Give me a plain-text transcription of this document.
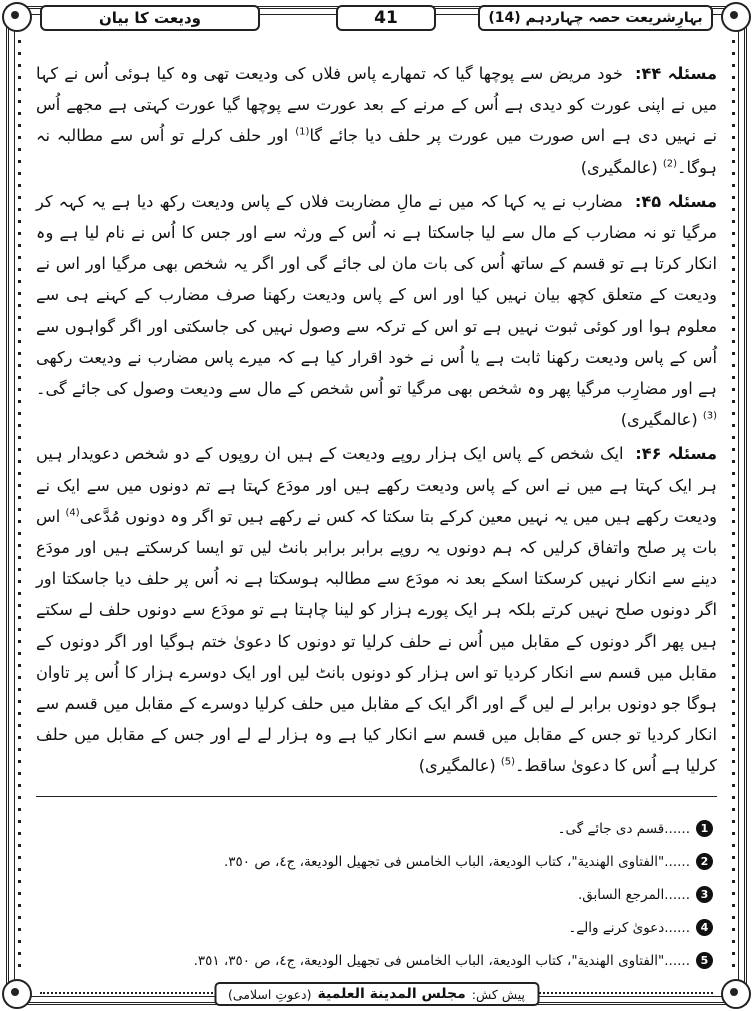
بہارِشریعت حصہ چہاردہم (14)
41
ودیعت کا بیان

مسئلہ ۴۴: خود مریض سے پوچھا گیا کہ تمھارے پاس فلاں کی ودیعت تھی وہ کیا ہوئی اُس نے کہا میں نے اپنی عورت کو دیدی ہے اُس کے مرنے کے بعد عورت سے پوچھا گیا عورت کہتی ہے مجھے اُس نے نہیں دی ہے اس صورت میں عورت پر حلف دیا جائے گا$^{(1)}$ اور حلف کرلے تو اُس سے مطالبہ نہ ہوگا۔$^{(2)}$ (عالمگیری)

مسئلہ ۴۵: مضارب نے یہ کہا کہ میں نے مالِ مضاربت فلاں کے پاس ودیعت رکھ دیا ہے یہ کہہ کر مرگیا تو نہ مضارب کے مال سے لیا جاسکتا ہے نہ اُس کے ورثہ سے اور جس کا اُس نے نام لیا ہے وہ انکار کرتا ہے تو قسم کے ساتھ اُس کی بات مان لی جائے گی اور اگر یہ شخص بھی مرگیا اور اس نے ودیعت کے متعلق کچھ بیان نہیں کیا اور اس کے پاس ودیعت رکھنا صرف مضارب کے کہنے ہی سے معلوم ہوا اور کوئی ثبوت نہیں ہے تو اس کے ترکہ سے وصول نہیں کی جاسکتی اور اگر گواہوں سے اُس کے پاس ودیعت رکھنا ثابت ہے یا اُس نے خود اقرار کیا ہے کہ میرے پاس مضارب نے ودیعت رکھی ہے اور مضارِب مرگیا پھر وہ شخص بھی مرگیا تو اُس شخص کے مال سے ودیعت وصول کی جائے گی۔$^{(3)}$ (عالمگیری)

مسئلہ ۴۶: ایک شخص کے پاس ایک ہزار روپے ودیعت کے ہیں ان روپوں کے دو شخص دعویدار ہیں ہر ایک کہتا ہے میں نے اس کے پاس ودیعت رکھے ہیں اور مودَع کہتا ہے تم دونوں میں سے ایک نے ودیعت رکھے ہیں میں یہ نہیں معین کرکے بتا سکتا کہ کس نے رکھے ہیں تو اگر وہ دونوں مُدَّعی$^{(4)}$ اس بات پر صلح واتفاق کرلیں کہ ہم دونوں یہ روپے برابر برابر بانٹ لیں تو ایسا کرسکتے ہیں اور مودَع دینے سے انکار نہیں کرسکتا اسکے بعد نہ مودَع سے مطالبہ ہوسکتا ہے نہ اُس پر حلف دیا جاسکتا اور اگر دونوں صلح نہیں کرتے بلکہ ہر ایک پورے ہزار کو لینا چاہتا ہے تو مودَع سے دونوں حلف لے سکتے ہیں پھر اگر دونوں کے مقابل میں اُس نے حلف کرلیا تو دونوں کا دعویٰ ختم ہوگیا اور اگر دونوں کے مقابل میں قسم سے انکار کردیا تو اس ہزار کو دونوں بانٹ لیں اور ایک دوسرے ہزار کا اُس پر تاوان ہوگا جو دونوں برابر لے لیں گے اور اگر ایک کے مقابل میں حلف کرلیا دوسرے کے مقابل میں قسم سے انکار کردیا تو جس کے مقابل میں قسم سے انکار کیا ہے وہ ہزار لے لے اور جس کے مقابل میں حلف کرلیا ہے اُس کا دعویٰ ساقط۔$^{(5)}$ (عالمگیری)

1
......قسم دی جائے گی۔
2
......"الفتاوی الهندية"، كتاب الوديعة، الباب الخامس فی تجهيل الوديعة، ج٤، ص ٣٥٠.
3
......المرجع السابق.
4
......دعویٰ کرنے والے۔
5
......"الفتاوی الهندية"، كتاب الوديعة، الباب الخامس فی تجهيل الوديعة، ج٤، ص ٣٥٠، ٣٥١.
پیش کش:
مجلس المدينة العلمية
(دعوتِ اسلامی)
